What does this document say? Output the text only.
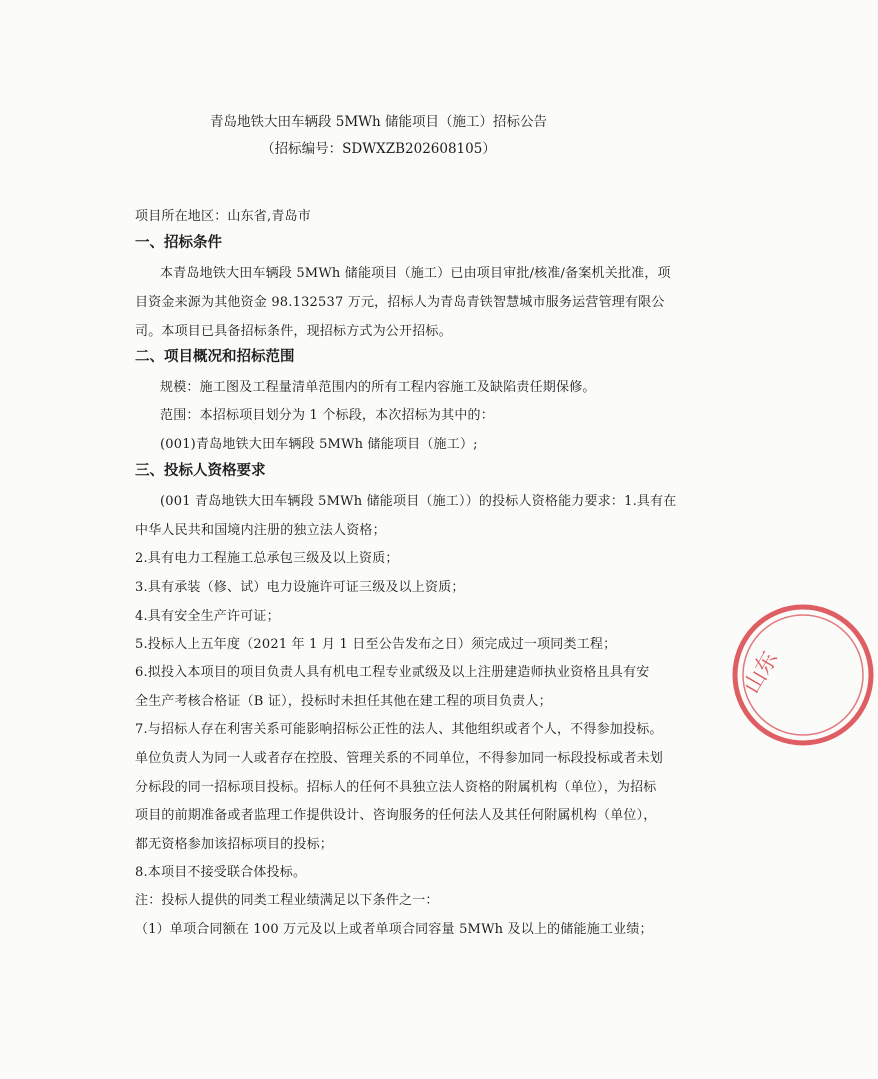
青岛地铁大田车辆段 5MWh 储能项目（施工）招标公告
（招标编号：SDWXZB202608105）
项目所在地区：山东省,青岛市
一、招标条件
本青岛地铁大田车辆段 5MWh 储能项目（施工）已由项目审批/核准/备案机关批准，项
目资金来源为其他资金 98.132537 万元，招标人为青岛青铁智慧城市服务运营管理有限公
司。本项目已具备招标条件，现招标方式为公开招标。
二、项目概况和招标范围
规模：施工图及工程量清单范围内的所有工程内容施工及缺陷责任期保修。
范围：本招标项目划分为 1 个标段，本次招标为其中的：
(001)青岛地铁大田车辆段 5MWh 储能项目（施工）;
三、投标人资格要求
(001 青岛地铁大田车辆段 5MWh 储能项目（施工））的投标人资格能力要求：1.具有在
中华人民共和国境内注册的独立法人资格；
2.具有电力工程施工总承包三级及以上资质；
3.具有承装（修、试）电力设施许可证三级及以上资质；
4.具有安全生产许可证；
5.投标人上五年度（2021 年 1 月 1 日至公告发布之日）须完成过一项同类工程；
6.拟投入本项目的项目负责人具有机电工程专业贰级及以上注册建造师执业资格且具有安
全生产考核合格证（B 证），投标时未担任其他在建工程的项目负责人；
7.与招标人存在利害关系可能影响招标公正性的法人、其他组织或者个人，不得参加投标。
单位负责人为同一人或者存在控股、管理关系的不同单位，不得参加同一标段投标或者未划
分标段的同一招标项目投标。招标人的任何不具独立法人资格的附属机构（单位），为招标
项目的前期准备或者监理工作提供设计、咨询服务的任何法人及其任何附属机构（单位），
都无资格参加该招标项目的投标；
8.本项目不接受联合体投标。
注：投标人提供的同类工程业绩满足以下条件之一：
（1）单项合同额在 100 万元及以上或者单项合同容量 5MWh 及以上的储能施工业绩；
山东
